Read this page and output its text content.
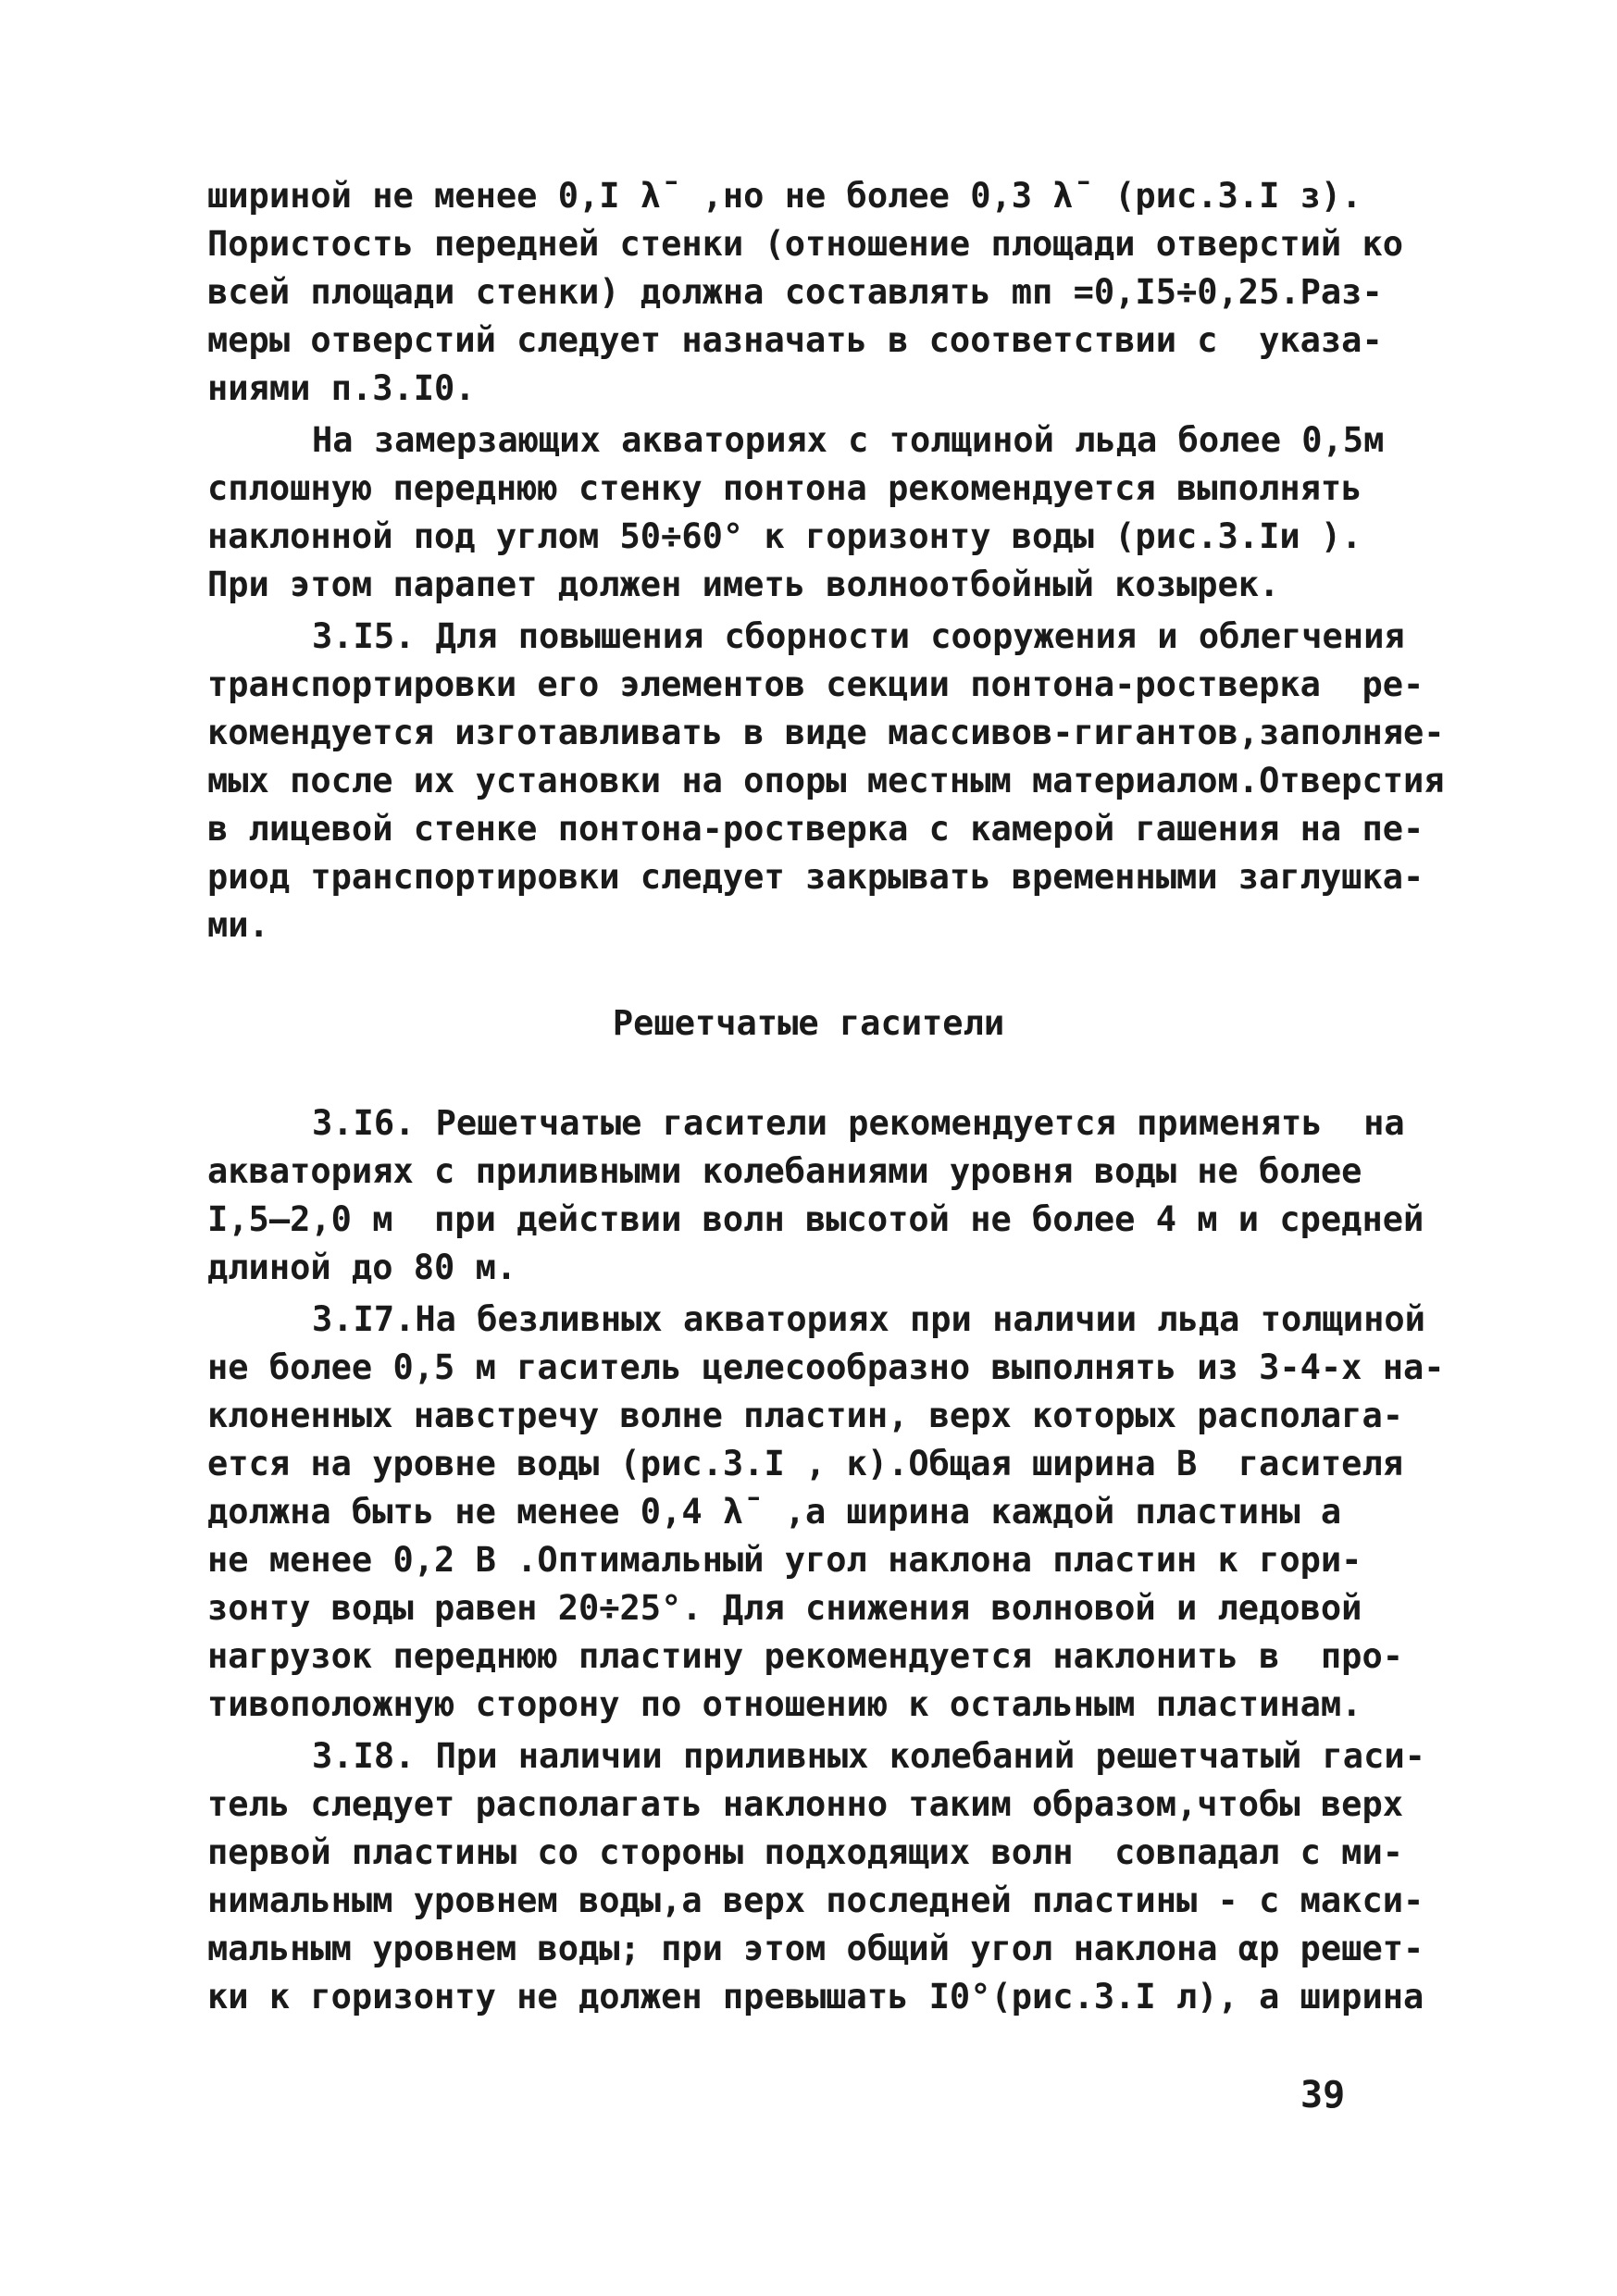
шириной не менее 0,I λ̄  ,но не более 0,3 λ̄  (рис.3.I з).
Пористость передней стенки (отношение площади отверстий ко
всей площади стенки) должна составлять mп =0,I5÷0,25.Раз-
меры отверстий следует назначать в соответствии с  указа-
ниями п.3.I0.
На замерзающих акваториях с толщиной льда более 0,5м
сплошную переднюю стенку понтона рекомендуется выполнять
наклонной под углом 50÷60° к горизонту воды (рис.3.Iи ).
При этом парапет должен иметь волноотбойный козырек.
3.I5. Для повышения сборности сооружения и облегчения
транспортировки его элементов секции понтона-ростверка  ре-
комендуется изготавливать в виде массивов-гигантов,заполняе-
мых после их установки на опоры местным материалом.Отверстия
в лицевой стенке понтона-ростверка с камерой гашения на пе-
риод транспортировки следует закрывать временными заглушка-
ми.
Решетчатые гасители
3.I6. Решетчатые гасители рекомендуется применять  на
акваториях с приливными колебаниями уровня воды не более
I,5–2,0 м  при действии волн высотой не более 4 м и средней
длиной до 80 м.
3.I7.На безливных акваториях при наличии льда толщиной
не более 0,5 м гаситель целесообразно выполнять из 3-4-х на-
клоненных навстречу волне пластин, верх которых располага-
ется на уровне воды (рис.3.I , к).Общая ширина B  гасителя
должна быть не менее 0,4 λ̄  ,а ширина каждой пластины a
не менее 0,2 B .Оптимальный угол наклона пластин к гори-
зонту воды равен 20÷25°. Для снижения волновой и ледовой
нагрузок переднюю пластину рекомендуется наклонить в  про-
тивоположную сторону по отношению к остальным пластинам.
3.I8. При наличии приливных колебаний решетчатый гаси-
тель следует располагать наклонно таким образом,чтобы верх
первой пластины со стороны подходящих волн  совпадал с ми-
нимальным уровнем воды,а верх последней пластины - с макси-
мальным уровнем воды; при этом общий угол наклона αр решет-
ки к горизонту не должен превышать I0°(рис.3.I л), а ширина
39
